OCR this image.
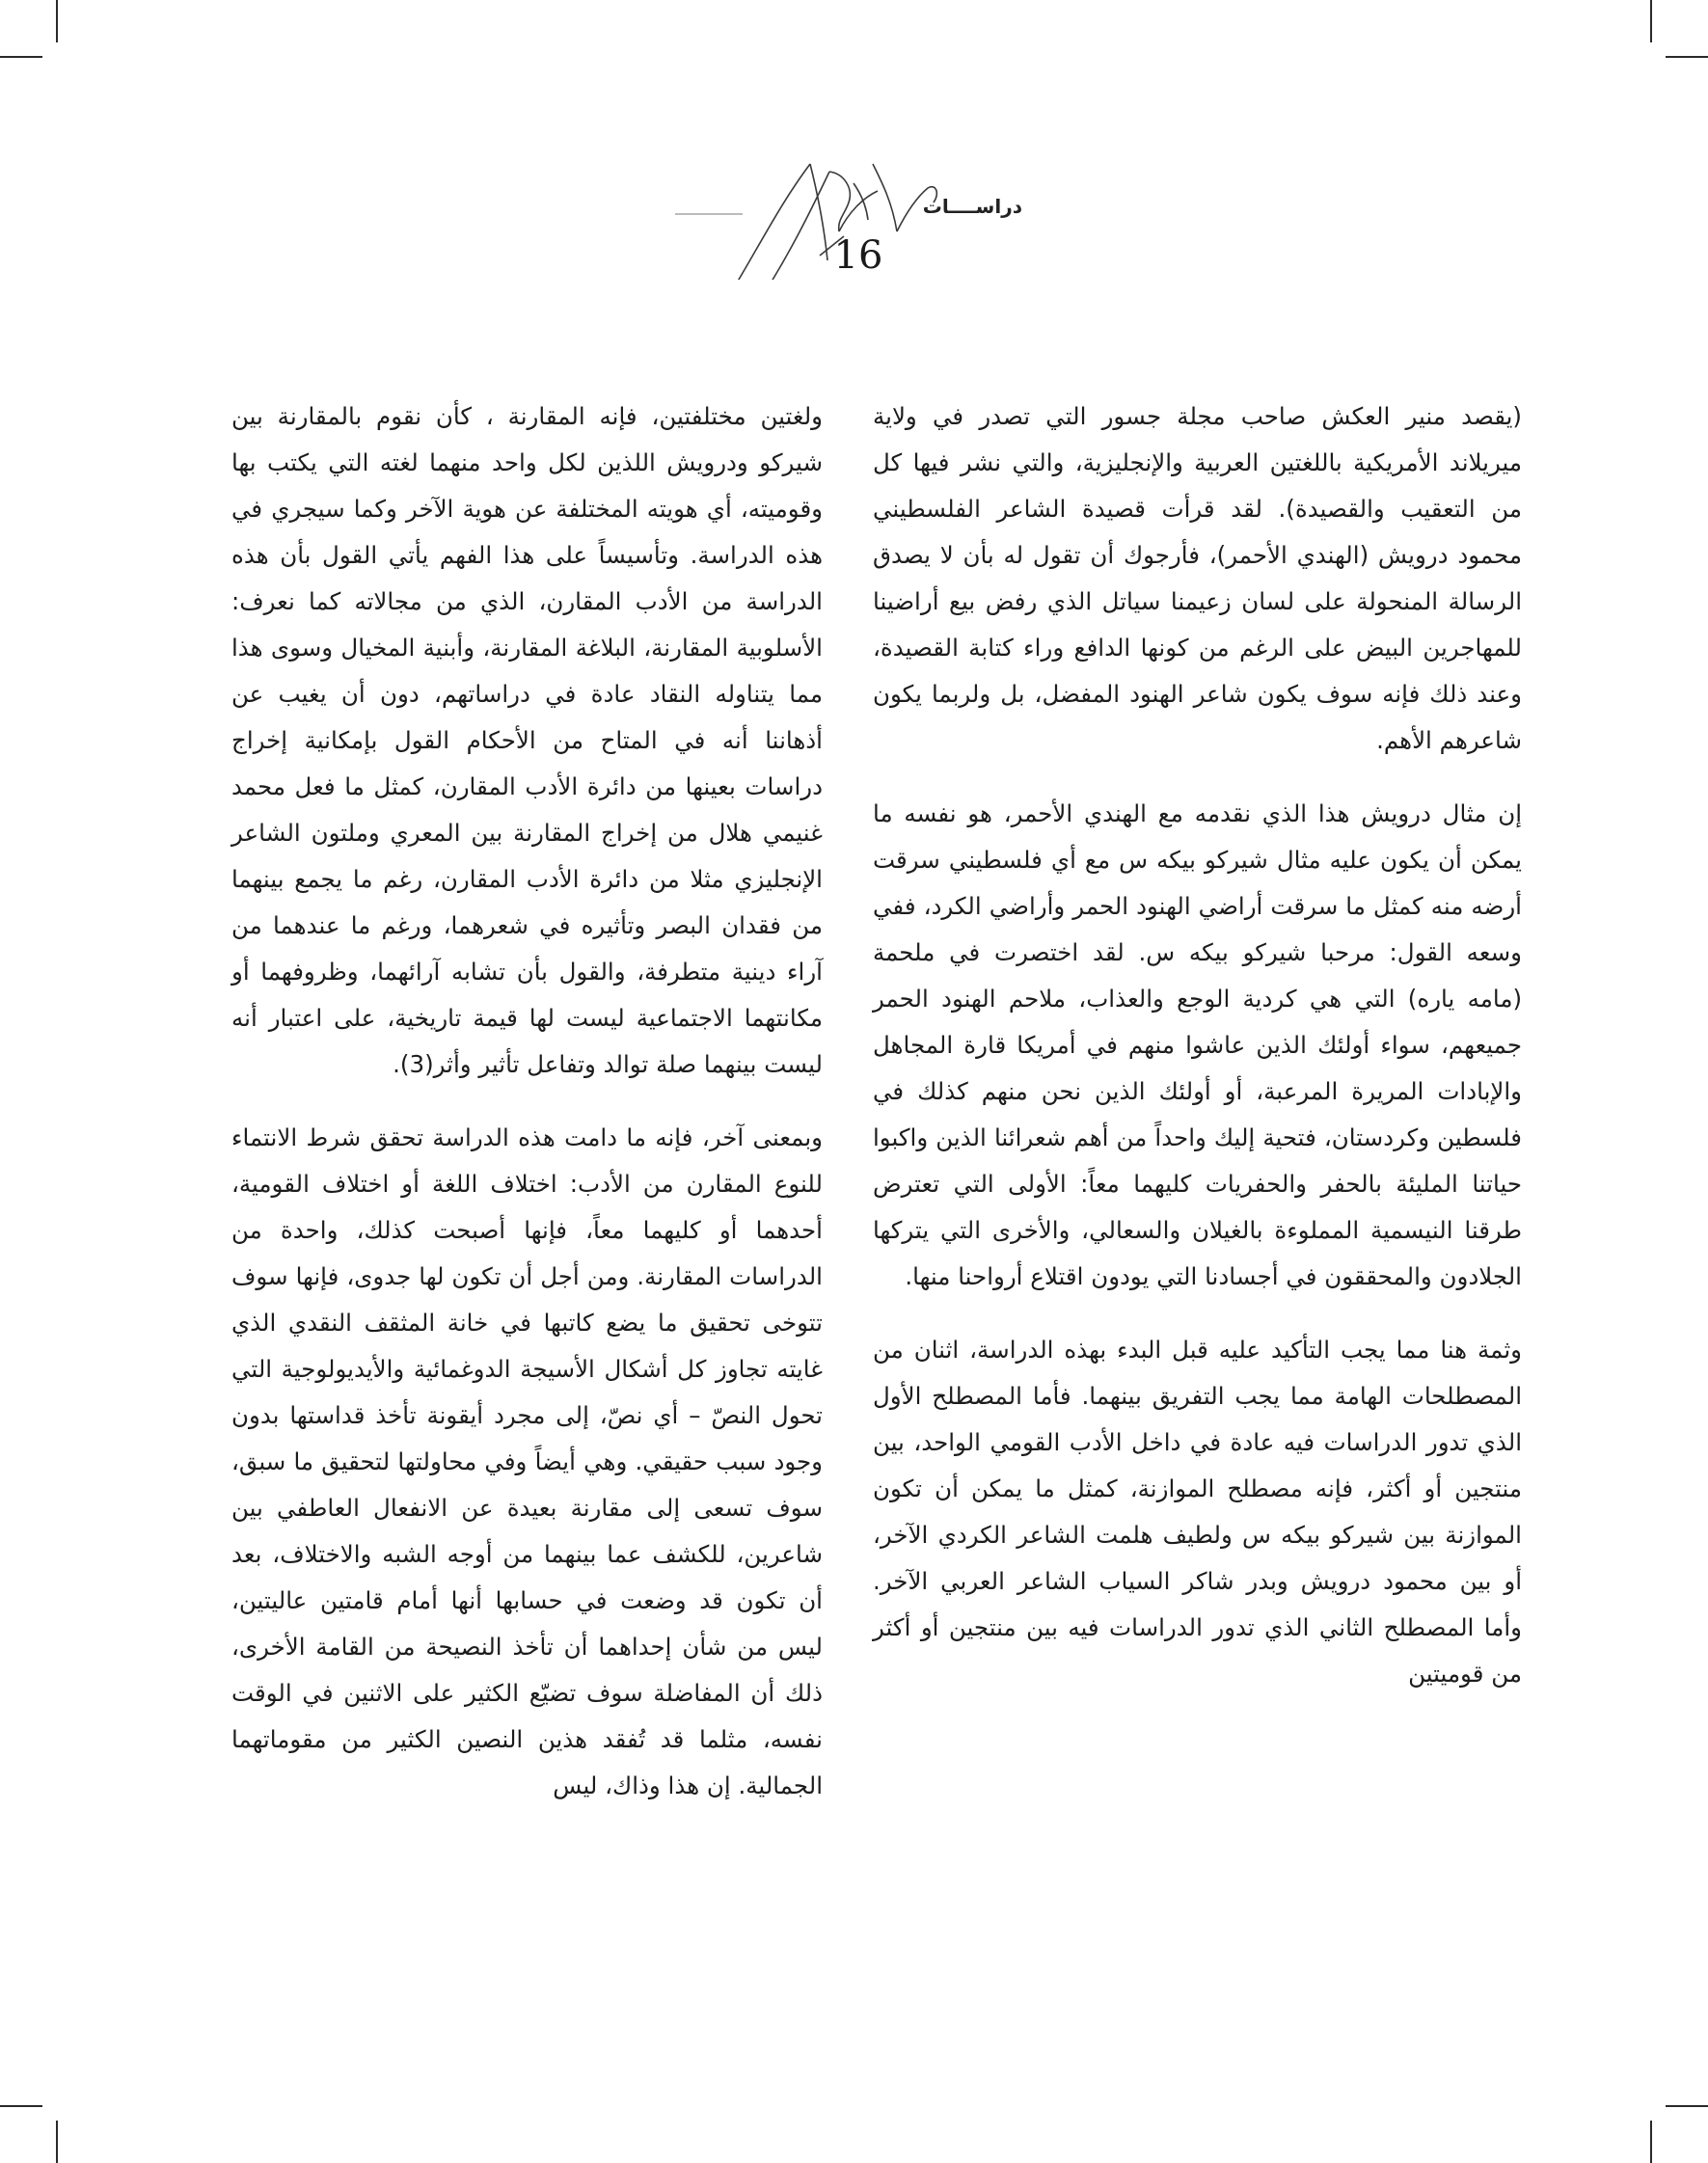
دراســــات
16

(يقصد منير العكش صاحب مجلة جسور التي تصدر في ولاية ميريلاند الأمريكية باللغتين العربية والإنجليزية، والتي نشر فيها كل من التعقيب والقصيدة). لقد قرأت قصيدة الشاعر الفلسطيني محمود درويش (الهندي الأحمر)، فأرجوك أن تقول له بأن لا يصدق الرسالة المنحولة على لسان زعيمنا سياتل الذي رفض بيع أراضينا للمهاجرين البيض على الرغم من كونها الدافع وراء كتابة القصيدة، وعند ذلك فإنه سوف يكون شاعر الهنود المفضل، بل ولربما يكون شاعرهم الأهم.

إن مثال درويش هذا الذي نقدمه مع الهندي الأحمر، هو نفسه ما يمكن أن يكون عليه مثال شيركو بيكه س مع أي فلسطيني سرقت أرضه منه كمثل ما سرقت أراضي الهنود الحمر وأراضي الكرد، ففي وسعه القول: مرحبا شيركو بيكه س. لقد اختصرت في ملحمة (مامه ياره) التي هي كردية الوجع والعذاب، ملاحم الهنود الحمر جميعهم، سواء أولئك الذين عاشوا منهم في أمريكا قارة المجاهل والإبادات المريرة المرعبة، أو أولئك الذين نحن منهم كذلك في فلسطين وكردستان، فتحية إليك واحداً من أهم شعرائنا الذين واكبوا حياتنا المليئة بالحفر والحفريات كليهما معاً: الأولى التي تعترض طرقنا النيسمية المملوءة بالغيلان والسعالي، والأخرى التي يتركها الجلادون والمحققون في أجسادنا التي يودون اقتلاع أرواحنا منها.

وثمة هنا مما يجب التأكيد عليه قبل البدء بهذه الدراسة، اثنان من المصطلحات الهامة مما يجب التفريق بينهما. فأما المصطلح الأول الذي تدور الدراسات فيه عادة في داخل الأدب القومي الواحد، بين منتجين أو أكثر، فإنه مصطلح الموازنة، كمثل ما يمكن أن تكون الموازنة بين شيركو بيكه س ولطيف هلمت الشاعر الكردي الآخر، أو بين محمود درويش وبدر شاكر السياب الشاعر العربي الآخر. وأما المصطلح الثاني الذي تدور الدراسات فيه بين منتجين أو أكثر من قوميتين

ولغتين مختلفتين، فإنه المقارنة ، كأن نقوم بالمقارنة بين شيركو ودرويش اللذين لكل واحد منهما لغته التي يكتب بها وقوميته، أي هويته المختلفة عن هوية الآخر وكما سيجري في هذه الدراسة. وتأسيساً على هذا الفهم يأتي القول بأن هذه الدراسة من الأدب المقارن، الذي من مجالاته كما نعرف: الأسلوبية المقارنة، البلاغة المقارنة، وأبنية المخيال وسوى هذا مما يتناوله النقاد عادة في دراساتهم، دون أن يغيب عن أذهاننا أنه في المتاح من الأحكام القول بإمكانية إخراج دراسات بعينها من دائرة الأدب المقارن، كمثل ما فعل محمد غنيمي هلال من إخراج المقارنة بين المعري وملتون الشاعر الإنجليزي مثلا من دائرة الأدب المقارن، رغم ما يجمع بينهما من فقدان البصر وتأثيره في شعرهما، ورغم ما عندهما من آراء دينية متطرفة، والقول بأن تشابه آرائهما، وظروفهما أو مكانتهما الاجتماعية ليست لها قيمة تاريخية، على اعتبار أنه ليست بينهما صلة توالد وتفاعل تأثير وأثر(3).

وبمعنى آخر، فإنه ما دامت هذه الدراسة تحقق شرط الانتماء للنوع المقارن من الأدب: اختلاف اللغة أو اختلاف القومية، أحدهما أو كليهما معاً، فإنها أصبحت كذلك، واحدة من الدراسات المقارنة. ومن أجل أن تكون لها جدوى، فإنها سوف تتوخى تحقيق ما يضع كاتبها في خانة المثقف النقدي الذي غايته تجاوز كل أشكال الأسيجة الدوغمائية والأيديولوجية التي تحول النصّ – أي نصّ، إلى مجرد أيقونة تأخذ قداستها بدون وجود سبب حقيقي. وهي أيضاً وفي محاولتها لتحقيق ما سبق، سوف تسعى إلى مقارنة بعيدة عن الانفعال العاطفي بين شاعرين، للكشف عما بينهما من أوجه الشبه والاختلاف، بعد أن تكون قد وضعت في حسابها أنها أمام قامتين عاليتين، ليس من شأن إحداهما أن تأخذ النصيحة من القامة الأخرى، ذلك أن المفاضلة سوف تضيّع الكثير على الاثنين في الوقت نفسه، مثلما قد تُفقد هذين النصين الكثير من مقوماتهما الجمالية. إن هذا وذاك، ليس
